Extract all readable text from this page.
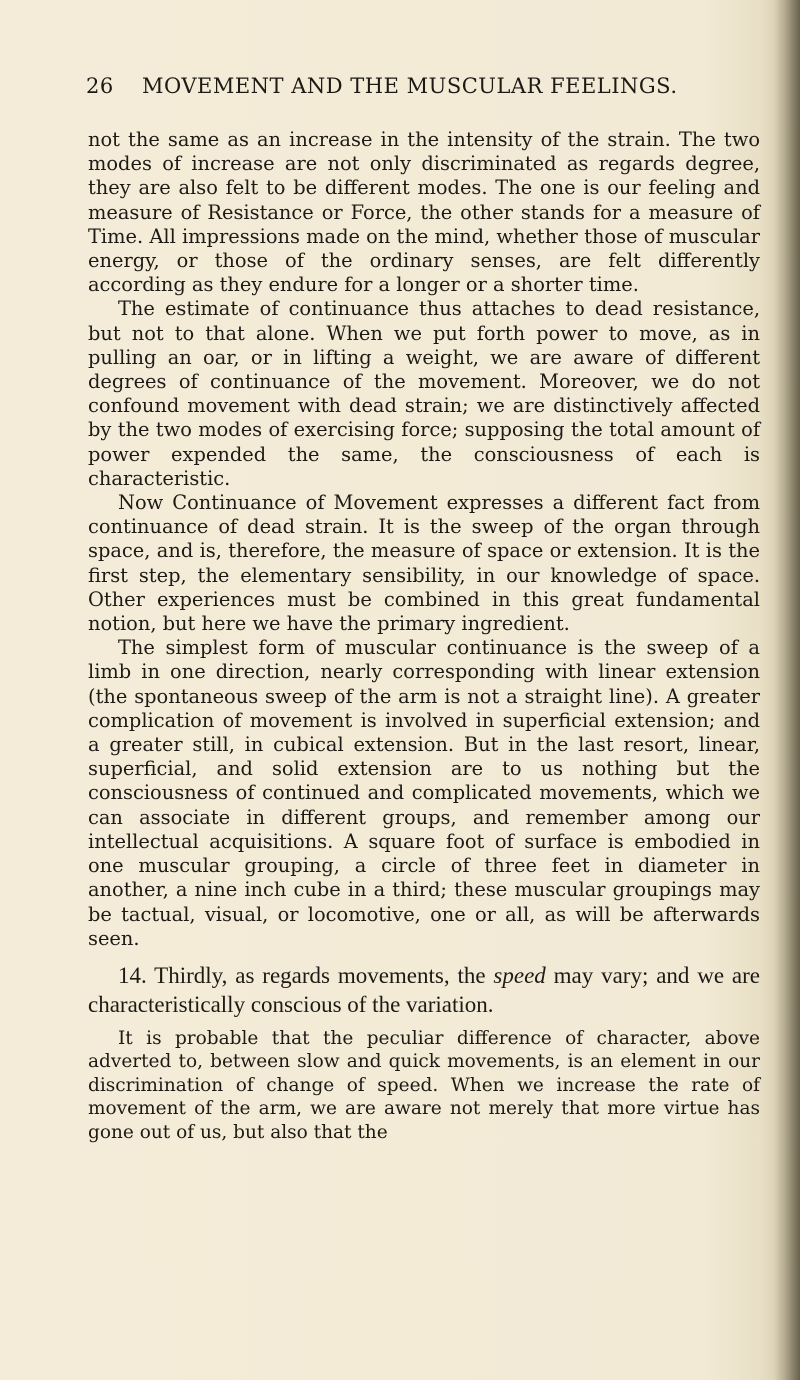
26 MOVEMENT AND THE MUSCULAR FEELINGS.

not the same as an increase in the intensity of the strain. The two modes of increase are not only discriminated as regards degree, they are also felt to be different modes. The one is our feeling and measure of Resistance or Force, the other stands for a measure of Time. All impressions made on the mind, whether those of muscular energy, or those of the ordinary senses, are felt differently according as they endure for a longer or a shorter time.

The estimate of continuance thus attaches to dead resistance, but not to that alone. When we put forth power to move, as in pulling an oar, or in lifting a weight, we are aware of different degrees of continuance of the movement. Moreover, we do not confound movement with dead strain; we are distinctively affected by the two modes of exercising force; supposing the total amount of power expended the same, the consciousness of each is characteristic.

Now Continuance of Movement expresses a different fact from continuance of dead strain. It is the sweep of the organ through space, and is, therefore, the measure of space or extension. It is the first step, the elementary sensibility, in our knowledge of space. Other experiences must be combined in this great fundamental notion, but here we have the primary ingredient.

The simplest form of muscular continuance is the sweep of a limb in one direction, nearly corresponding with linear extension (the spontaneous sweep of the arm is not a straight line). A greater complication of movement is involved in superficial extension; and a greater still, in cubical extension. But in the last resort, linear, superficial, and solid extension are to us nothing but the consciousness of continued and complicated movements, which we can associate in different groups, and remember among our intellectual acquisitions. A square foot of surface is embodied in one muscular grouping, a circle of three feet in diameter in another, a nine inch cube in a third; these muscular groupings may be tactual, visual, or locomotive, one or all, as will be afterwards seen.

14. Thirdly, as regards movements, the speed may vary; and we are characteristically conscious of the variation.

It is probable that the peculiar difference of character, above adverted to, between slow and quick movements, is an element in our discrimination of change of speed. When we increase the rate of movement of the arm, we are aware not merely that more virtue has gone out of us, but also that the
